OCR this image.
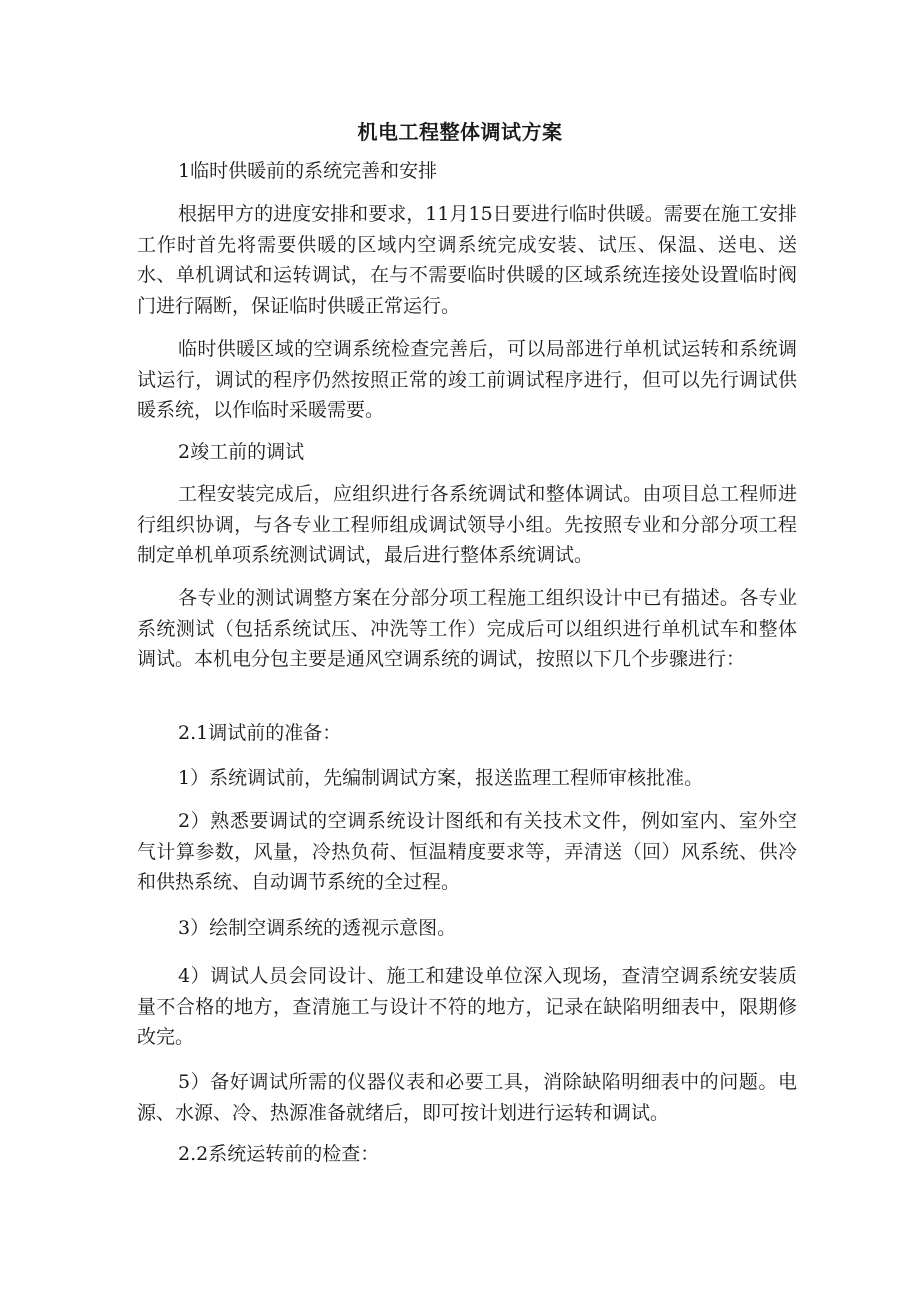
机电工程整体调试方案

1临时供暖前的系统完善和安排

根据甲方的进度安排和要求，11月15日要进行临时供暖。需要在施工安排工作时首先将需要供暖的区域内空调系统完成安装、试压、保温、送电、送水、单机调试和运转调试，在与不需要临时供暖的区域系统连接处设置临时阀门进行隔断，保证临时供暖正常运行。

临时供暖区域的空调系统检查完善后，可以局部进行单机试运转和系统调试运行，调试的程序仍然按照正常的竣工前调试程序进行，但可以先行调试供暖系统，以作临时采暖需要。

2竣工前的调试

工程安装完成后，应组织进行各系统调试和整体调试。由项目总工程师进行组织协调，与各专业工程师组成调试领导小组。先按照专业和分部分项工程制定单机单项系统测试调试，最后进行整体系统调试。

各专业的测试调整方案在分部分项工程施工组织设计中已有描述。各专业系统测试（包括系统试压、冲洗等工作）完成后可以组织进行单机试车和整体调试。本机电分包主要是通风空调系统的调试，按照以下几个步骤进行：

2.1调试前的准备：

1）系统调试前，先编制调试方案，报送监理工程师审核批准。

2）熟悉要调试的空调系统设计图纸和有关技术文件，例如室内、室外空气计算参数，风量，冷热负荷、恒温精度要求等，弄清送（回）风系统、供冷和供热系统、自动调节系统的全过程。

3）绘制空调系统的透视示意图。

4）调试人员会同设计、施工和建设单位深入现场，查清空调系统安装质量不合格的地方，查清施工与设计不符的地方，记录在缺陷明细表中，限期修改完。

5）备好调试所需的仪器仪表和必要工具，消除缺陷明细表中的问题。电源、水源、冷、热源准备就绪后，即可按计划进行运转和调试。

2.2系统运转前的检查：
